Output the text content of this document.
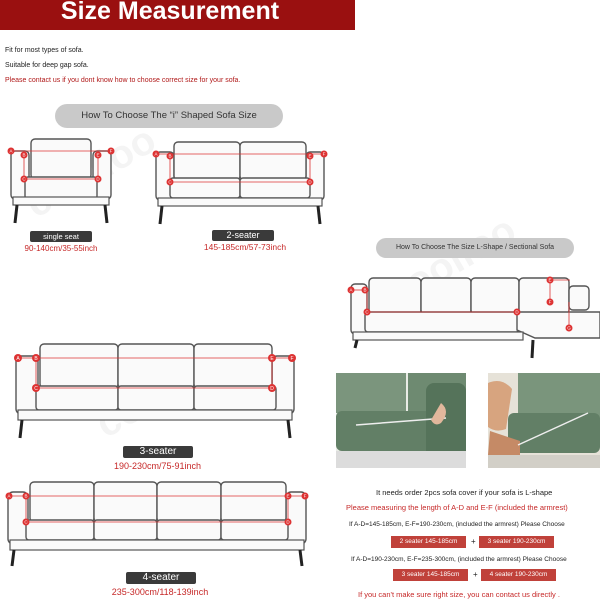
Size Measurement
Fit for most types of sofa.
Suitable for deep gap sofa.
Please contact us if you dont know how to choose correct size for your sofa.
How To Choose The “i” Shaped Sofa Size
A
B
C	D
E
F
single seat
90-140cm/35-55inch
A B
C	D
E F
2-seater
145-185cm/57-73inch	How To Choose The Size L-Shape / Sectional Sofa
A B
C	D
E
F
G
A	B
C	D
E	F
3-seater
190-230cm/75-91inch
A	B
C	D
E	F
4-seater
235-300cm/118-139inch
It needs order 2pcs sofa cover if your sofa is L-shape
Please measuring the length of A-D and E-F (included the armrest)
If A-D=145-185cm, E-F=190-230cm, (included the armrest) Please Choose
2 seater 145-185cm	+	3 seater 190-230cm
If A-D=190-230cm, E-F=235-300cm, (included the armrest) Please Choose
3 seater 145-185cm	+	4 seater 190-230cm
If you can't make sure right size, you can contact us directly .
